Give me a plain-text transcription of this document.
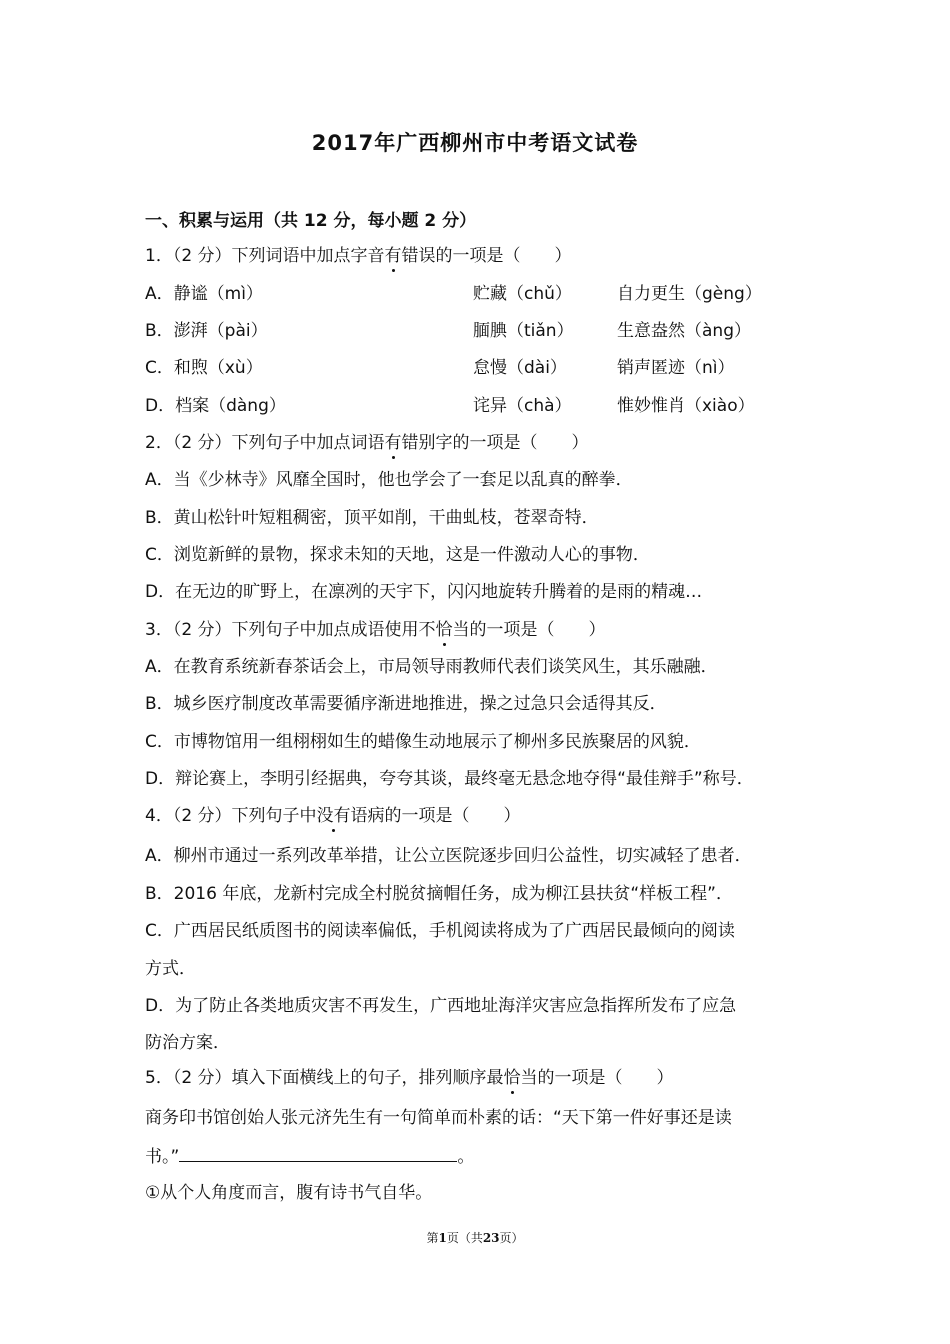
2017年广西柳州市中考语文试卷
一、积累与运用（共 12 分，每小题 2 分）
1．（2 分）下列词语中加点字音有错误的一项是（　　）
A．静谧（mì）	贮藏（chǔ）	自力更生（gèng）
B．澎湃（pài）	腼腆（tiǎn）	生意盎然（àng）
C．和煦（xù）	怠慢（dài）	销声匿迹（nì）
D．档案（dàng）	诧异（chà）	惟妙惟肖（xiào）
2．（2 分）下列句子中加点词语有错别字的一项是（　　）
A．当《少林寺》风靡全国时，他也学会了一套足以乱真的醉拳．
B．黄山松针叶短粗稠密，顶平如削，干曲虬枝，苍翠奇特．
C．浏览新鲜的景物，探求未知的天地，这是一件激动人心的事物．
D．在无边的旷野上，在凛冽的天宇下，闪闪地旋转升腾着的是雨的精魂…
3．（2 分）下列句子中加点成语使用不恰当的一项是（　　）
A．在教育系统新春茶话会上，市局领导雨教师代表们谈笑风生，其乐融融．
B．城乡医疗制度改革需要循序渐进地推进，操之过急只会适得其反．
C．市博物馆用一组栩栩如生的蜡像生动地展示了柳州多民族聚居的风貌．
D．辩论赛上，李明引经据典，夸夸其谈，最终毫无悬念地夺得“最佳辩手”称号．
4．（2 分）下列句子中没有语病的一项是（　　）
A．柳州市通过一系列改革举措，让公立医院逐步回归公益性，切实减轻了患者．
B．2016 年底，龙新村完成全村脱贫摘帽任务，成为柳江县扶贫“样板工程”．
C．广西居民纸质图书的阅读率偏低，手机阅读将成为了广西居民最倾向的阅读
方式．
D．为了防止各类地质灾害不再发生，广西地址海洋灾害应急指挥所发布了应急
防治方案．
5．（2 分）填入下面横线上的句子，排列顺序最恰当的一项是（　　）
商务印书馆创始人张元济先生有一句简单而朴素的话：“天下第一件好事还是读
书。”	。
①从个人角度而言，腹有诗书气自华。
第1页（共23页）
